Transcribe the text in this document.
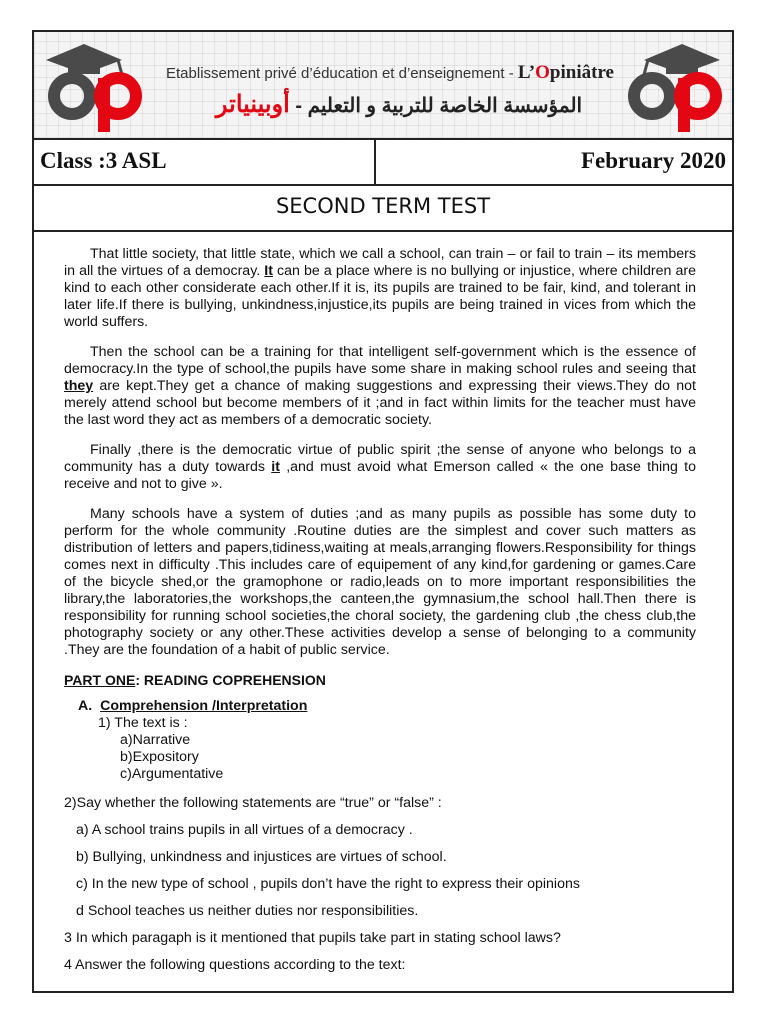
Etablissement privé d’éducation et d’enseignement - L’Opiniâtre
المؤسسة الخاصة للتربية و التعليم - أوبينياتر
Class :3 ASL	February 2020
SECOND TERM TEST

That little society, that little state, which we call a school, can train – or fail to train – its members in all the virtues of a democray. It can be a place where is no bullying or injustice, where children are kind to each other considerate each other.If it is, its pupils are trained to be fair, kind, and tolerant in later life.If there is bullying, unkindness,injustice,its pupils are being trained in vices from which the world suffers.

Then the school can be a training for that intelligent self-government which is the essence of democracy.In the type of school,the pupils have some share in making school rules and seeing that they are kept.They get a chance of making suggestions and expressing their views.They do not merely attend school but become members of it ;and in fact within limits for the teacher must have the last word they act as members of a democratic society.

Finally ,there is the democratic virtue of public spirit ;the sense of anyone who belongs to a community has a duty towards it ,and must avoid what Emerson called « the one base thing to receive and not to give ».

Many schools have a system of duties ;and as many pupils as possible has some duty to perform for the whole community .Routine duties are the simplest and cover such matters as distribution of letters and papers,tidiness,waiting at meals,arranging flowers.Responsibility for things comes next in difficulty .This includes care of equipement of any kind,for gardening or games.Care of the bicycle shed,or the gramophone or radio,leads on to more important responsibilities the library,the laboratories,the workshops,the canteen,the gymnasium,the school hall.Then there is responsibility for running school societies,the choral society, the gardening club ,the chess club,the photography society or any other.These activities develop a sense of belonging to a community .They are the foundation of a habit of public service.

PART ONE: READING COPREHENSION
A. Comprehension /Interpretation
1) The text is :
a)Narrative
b)Expository
c)Argumentative
2)Say whether the following statements are “true” or “false” :
a) A school trains pupils in all virtues of a democracy .
b) Bullying, unkindness and injustices are virtues of school.
c) In the new type of school , pupils don’t have the right to express their opinions
d School teaches us neither duties nor responsibilities.
3 In which paragaph is it mentioned that pupils take part in stating school laws?
4 Answer the following questions according to the text:
